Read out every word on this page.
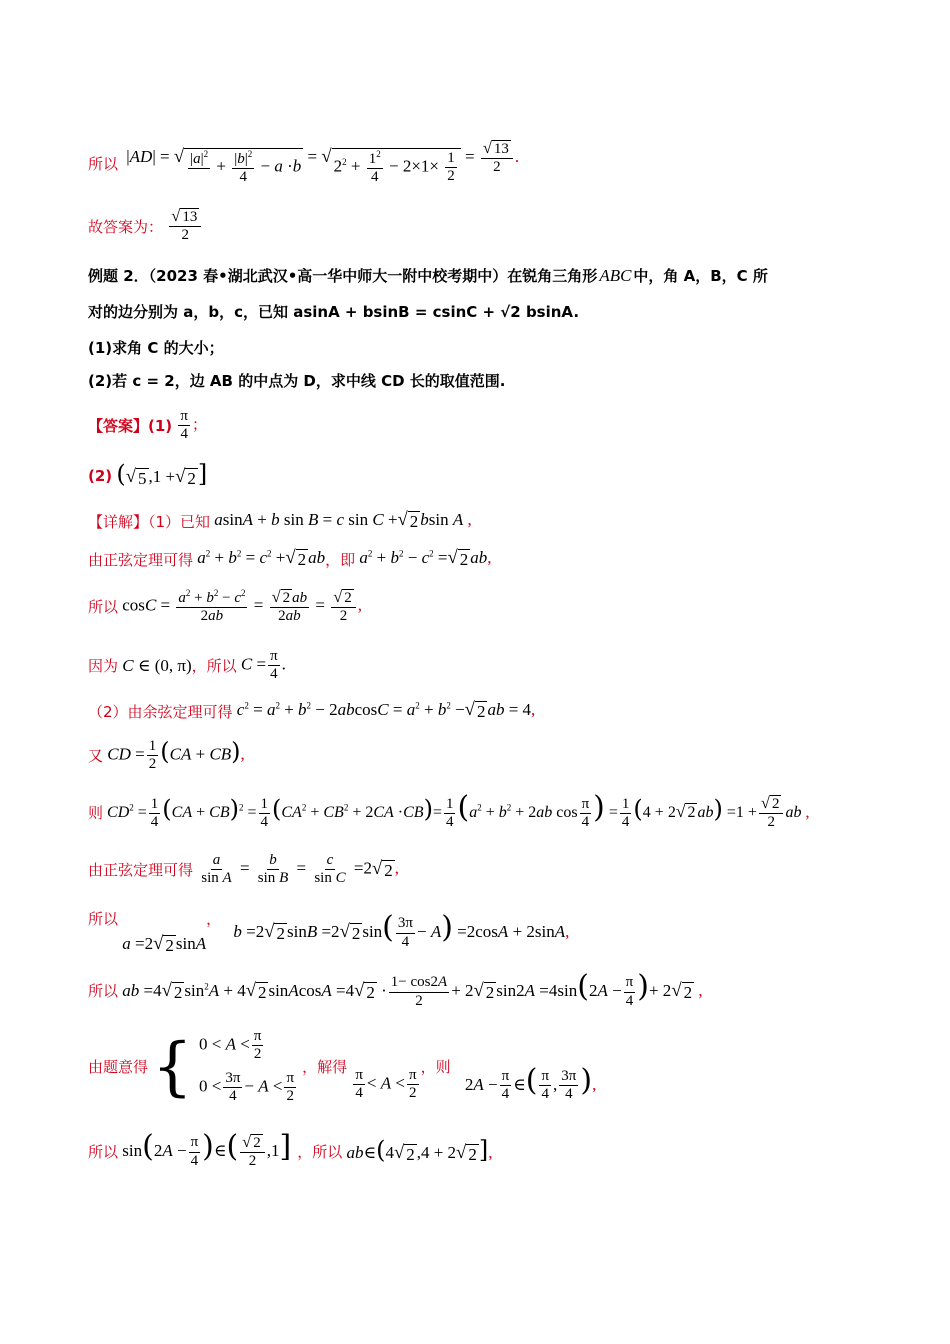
所以 |AD| = √ $|a|^2$

+ $\frac{|b|^2}{4} - a \cdot b$
= √ $2^2 + \frac{1^2}{4} - 2\times 1\times \frac{1}{2} = \frac{√ 13}{2}$ .
故答案为： $\frac{√ 13}{2}$
例题 2．（2023 春•湖北武汉•高一华中师大一附中校考期中）在锐角三角形 ABC 中，角 A，B，C 所
对的边分别为 a，b，c，已知 asinA + bsinB = csinC + √2 bsinA.
(1)求角 C 的大小；
(2)若 c = 2，边 AB 的中点为 D，求中线 CD 长的取值范围.
【答案】$(1) \frac{\pi}{4}$ ；
(2) ( √ 5 ,1 + √ 2 ]
【详解】（1）已知 asinA + b sin B = c sin C + √ 2 bsin A ,
由正弦定理可得 $a^2 + b^2 = c^2$ + √ 2 ab ，即 $a^2 + b^2 - c^2$ = √ 2 ab,
所以 $\cos C = \frac{a^2 + b^2 - c^2}{2ab} = \frac{√ 2 ab}{2ab} = \frac{√ 2}{2}$ ,
因为 C ∈ (0, π) ，所以 $C = \frac{\pi}{4}$ .
（2）由余弦定理可得 $c^2 = a^2 + b^2 - 2abcosC = a^2 + b^2$ − √ 2 ab = 4,
又 CD = $\frac{1}{2} (CA + CB)$,
则 $CD^2 = \frac{1}{4} (CA + CB)^2 = \frac{1}{4} (CA^2 + CB^2 + 2CA \cdot CB)= \frac{1}{4} (a^2 + b^2 + 2ab$ $\cos \frac{\pi}{4}$ ) = $\frac{1}{4} (4 + 2$ √ 2 $ab) =1 + \frac{√ 2}{2}$ ab ,
由正弦定理可得 $\frac{a}{\text{sin A}} = \frac{b}{\text{sin B}} = \frac{c}{\text{sin C}} =2$ √ 2 ,
所以
a =2 √ 2 sinA
，
b =2 √ 2 sinB =2 √ 2 $\sin( \frac{3\pi}{4} - A) =2\cos A + 2\sin A$,
所以 ab =4 √ 2 $\sin^2A + 4$ √ 2 sinAcosA =4 √ $2 \cdot \frac{1- \cos 2A}{2} + 2$ √ 2 $\sin 2A =4\sin(2A - \frac{\pi}{4}$ )+ 2 √ 2 ,
由题意得 { $0 < A < \frac{\pi}{2}$
$0 < \frac{3\pi}{4} - A < \frac{\pi}{2}$
，解得 $\frac{\pi}{4} < A < \frac{\pi}{2}$ ，则
$2A - \frac{\pi}{4}$ ∈( $\frac{\pi}{4}$ , $\frac{3\pi}{4}$ ),
所以 $\sin(2A - \frac{\pi}{4}$ )∈( $\frac{√ 2}{2} ,1$] ，所以 ab∈(4 √ 2 ,4 + 2 √ 2 ],
